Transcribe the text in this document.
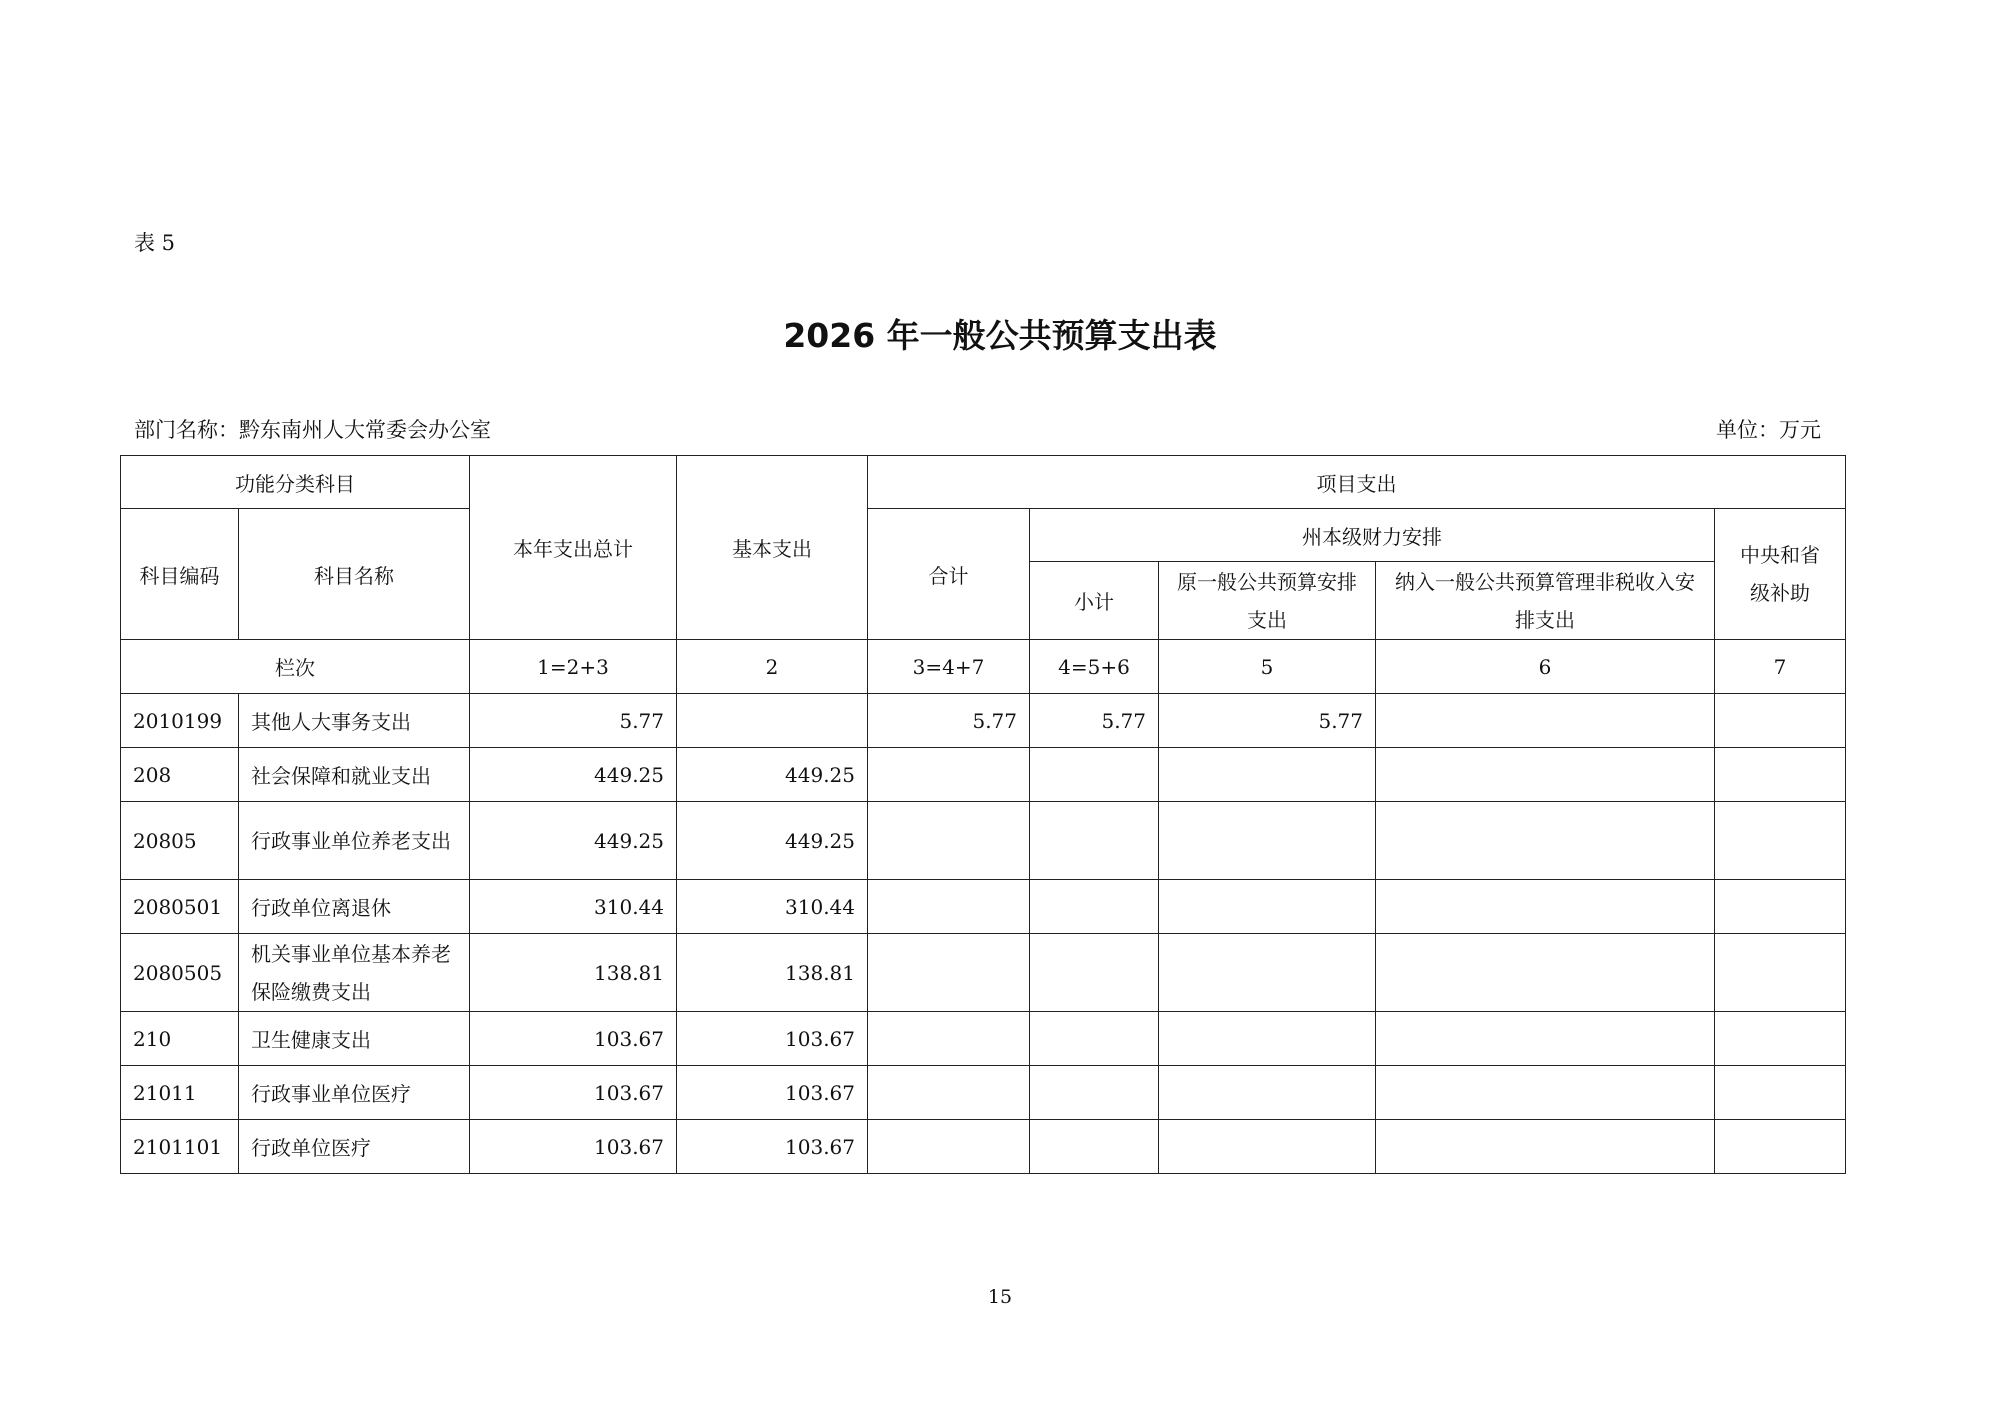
表 5
2026 年一般公共预算支出表
部门名称：黔东南州人大常委会办公室	单位：万元
功能分类科目		本年支出总计	基本支出	项目支出				
科目编码	科目名称			合计	州本级财力安排			中央和省级补助
					小计	原一般公共预算安排支出	纳入一般公共预算管理非税收入安排支出	
栏次		1=2+3	2	3=4+7	4=5+6	5	6	7
2010199	其他人大事务支出	5.77		5.77	5.77	5.77		
208	社会保障和就业支出	449.25	449.25					
20805	行政事业单位养老支出	449.25	449.25					
2080501	行政单位离退休	310.44	310.44					
2080505	机关事业单位基本养老保险缴费支出	138.81	138.81					
210	卫生健康支出	103.67	103.67					
21011	行政事业单位医疗	103.67	103.67					
2101101	行政单位医疗	103.67	103.67					
15
